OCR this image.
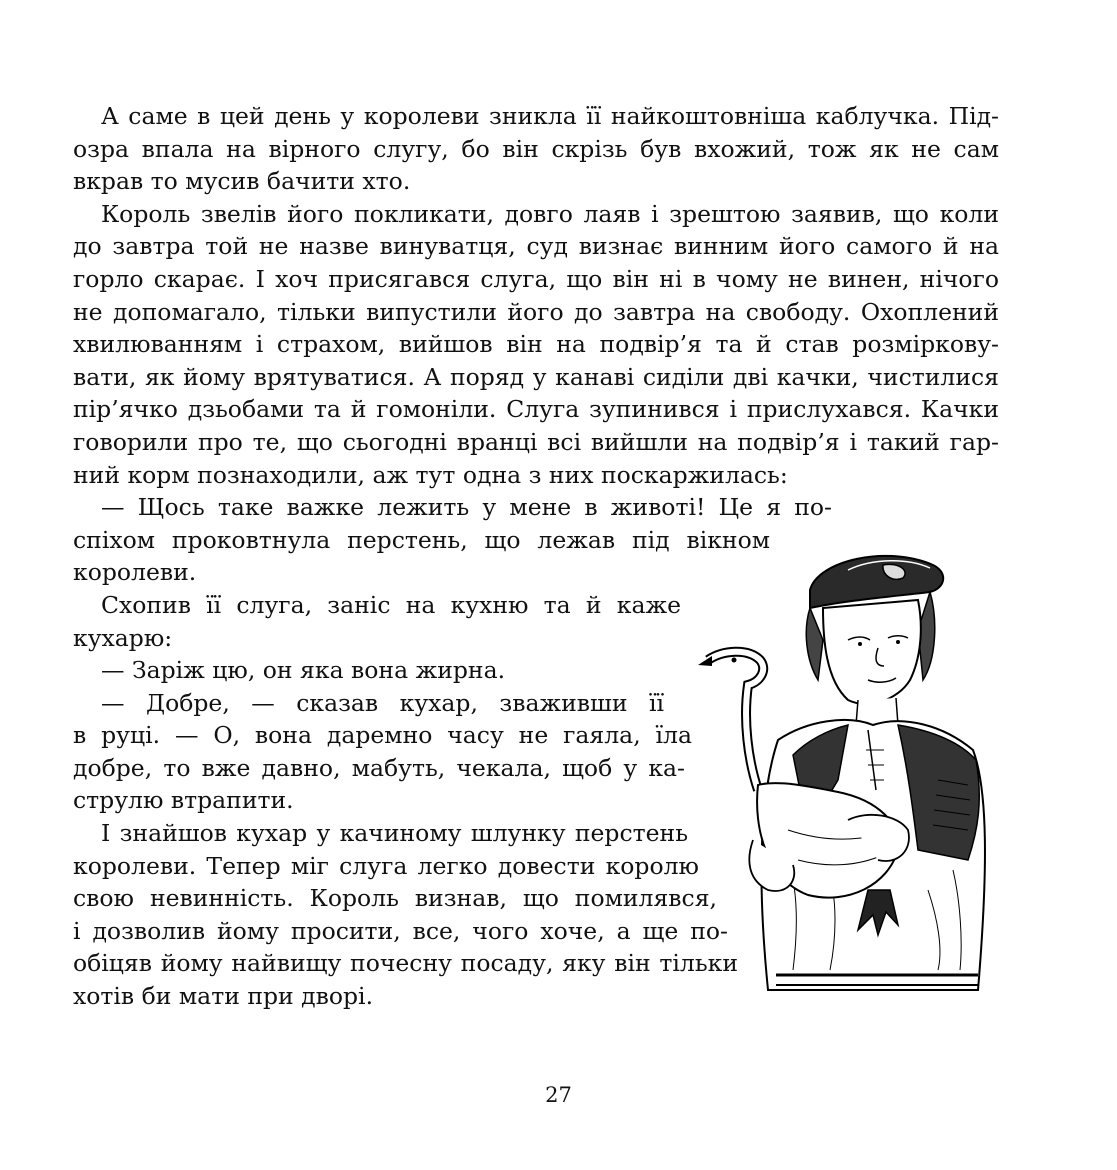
А саме в цей день у королеви зникла її найкоштовніша каблучка. Під-
озра впала на вірного слугу, бо він скрізь був вхожий, тож як не сам
вкрав то мусив бачити хто.
Король звелів його покликати, довго лаяв і зрештою заявив, що коли
до завтра той не назве винуватця, суд визнає винним його самого й на
горло скарає. І хоч присягався слуга, що він ні в чому не винен, нічого
не допомагало, тільки випустили його до завтра на свободу. Охоплений
хвилюванням і страхом, вийшов він на подвір’я та й став розміркову-
вати, як йому врятуватися. А поряд у канаві сиділи дві качки, чистилися
пір’ячко дзьобами та й гомоніли. Слуга зупинився і прислухався. Качки
говорили про те, що сьогодні вранці всі вийшли на подвір’я і такий гар-
ний корм познаходили, аж тут одна з них поскаржилась:
— Щось таке важке лежить у мене в животі! Це я по-
спіхом проковтнула перстень, що лежав під вікном
королеви.
Схопив її слуга, заніс на кухню та й каже
кухарю:
— Заріж цю, он яка вона жирна.
— Добре, — сказав кухар, зваживши її
в руці. — О, вона даремно часу не гаяла, їла
добре, то вже давно, мабуть, чекала, щоб у ка-
струлю втрапити.
І знайшов кухар у качиному шлунку перстень
королеви. Тепер міг слуга легко довести королю
свою невинність. Король визнав, що помилявся,
і дозволив йому просити, все, чого хоче, а ще по-
обіцяв йому найвищу почесну посаду, яку він тільки
хотів би мати при дворі.
27
